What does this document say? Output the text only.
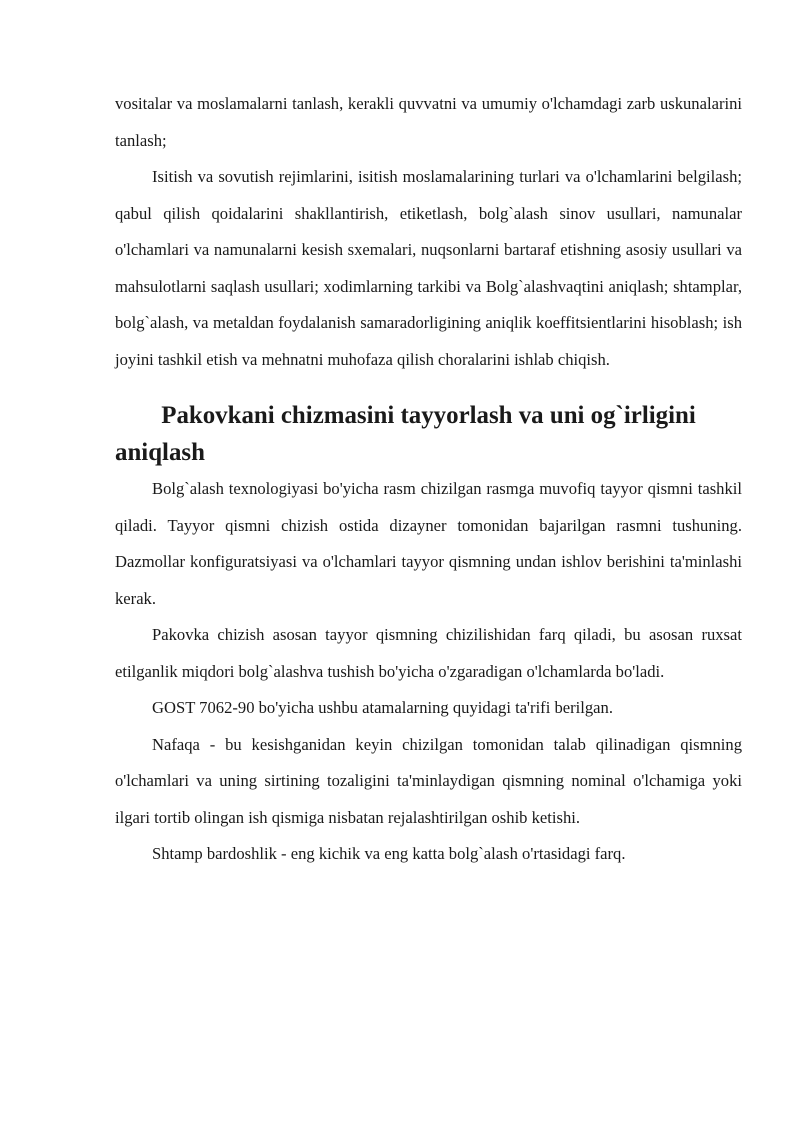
vositalar va moslamalarni tanlash, kerakli quvvatni va umumiy o'lchamdagi zarb uskunalarini tanlash;

Isitish va sovutish rejimlarini, isitish moslamalarining turlari va o'lchamlarini belgilash; qabul qilish qoidalarini shakllantirish, etiketlash, bolg`alash sinov usullari, namunalar o'lchamlari va namunalarni kesish sxemalari, nuqsonlarni bartaraf etishning asosiy usullari va mahsulotlarni saqlash usullari; xodimlarning tarkibi va Bolg`alashvaqtini aniqlash; shtamplar, bolg`alash, va metaldan foydalanish samaradorligining aniqlik koeffitsientlarini hisoblash; ish joyini tashkil etish va mehnatni muhofaza qilish choralarini ishlab chiqish.

Pakovkani chizmasini tayyorlash va uni og`irligini aniqlash

Bolg`alash texnologiyasi bo'yicha rasm chizilgan rasmga muvofiq tayyor qismni tashkil qiladi. Tayyor qismni chizish ostida dizayner tomonidan bajarilgan rasmni tushuning. Dazmollar konfiguratsiyasi va o'lchamlari tayyor qismning undan ishlov berishini ta'minlashi kerak.

Pakovka chizish asosan tayyor qismning chizilishidan farq qiladi, bu asosan ruxsat etilganlik miqdori bolg`alashva tushish bo'yicha o'zgaradigan o'lchamlarda bo'ladi.

GOST 7062-90 bo'yicha ushbu atamalarning quyidagi ta'rifi berilgan.

Nafaqa - bu kesishganidan keyin chizilgan tomonidan talab qilinadigan qismning o'lchamlari va uning sirtining tozaligini ta'minlaydigan qismning nominal o'lchamiga yoki ilgari tortib olingan ish qismiga nisbatan rejalashtirilgan oshib ketishi.

Shtamp bardoshlik - eng kichik va eng katta bolg`alash o'rtasidagi farq.
